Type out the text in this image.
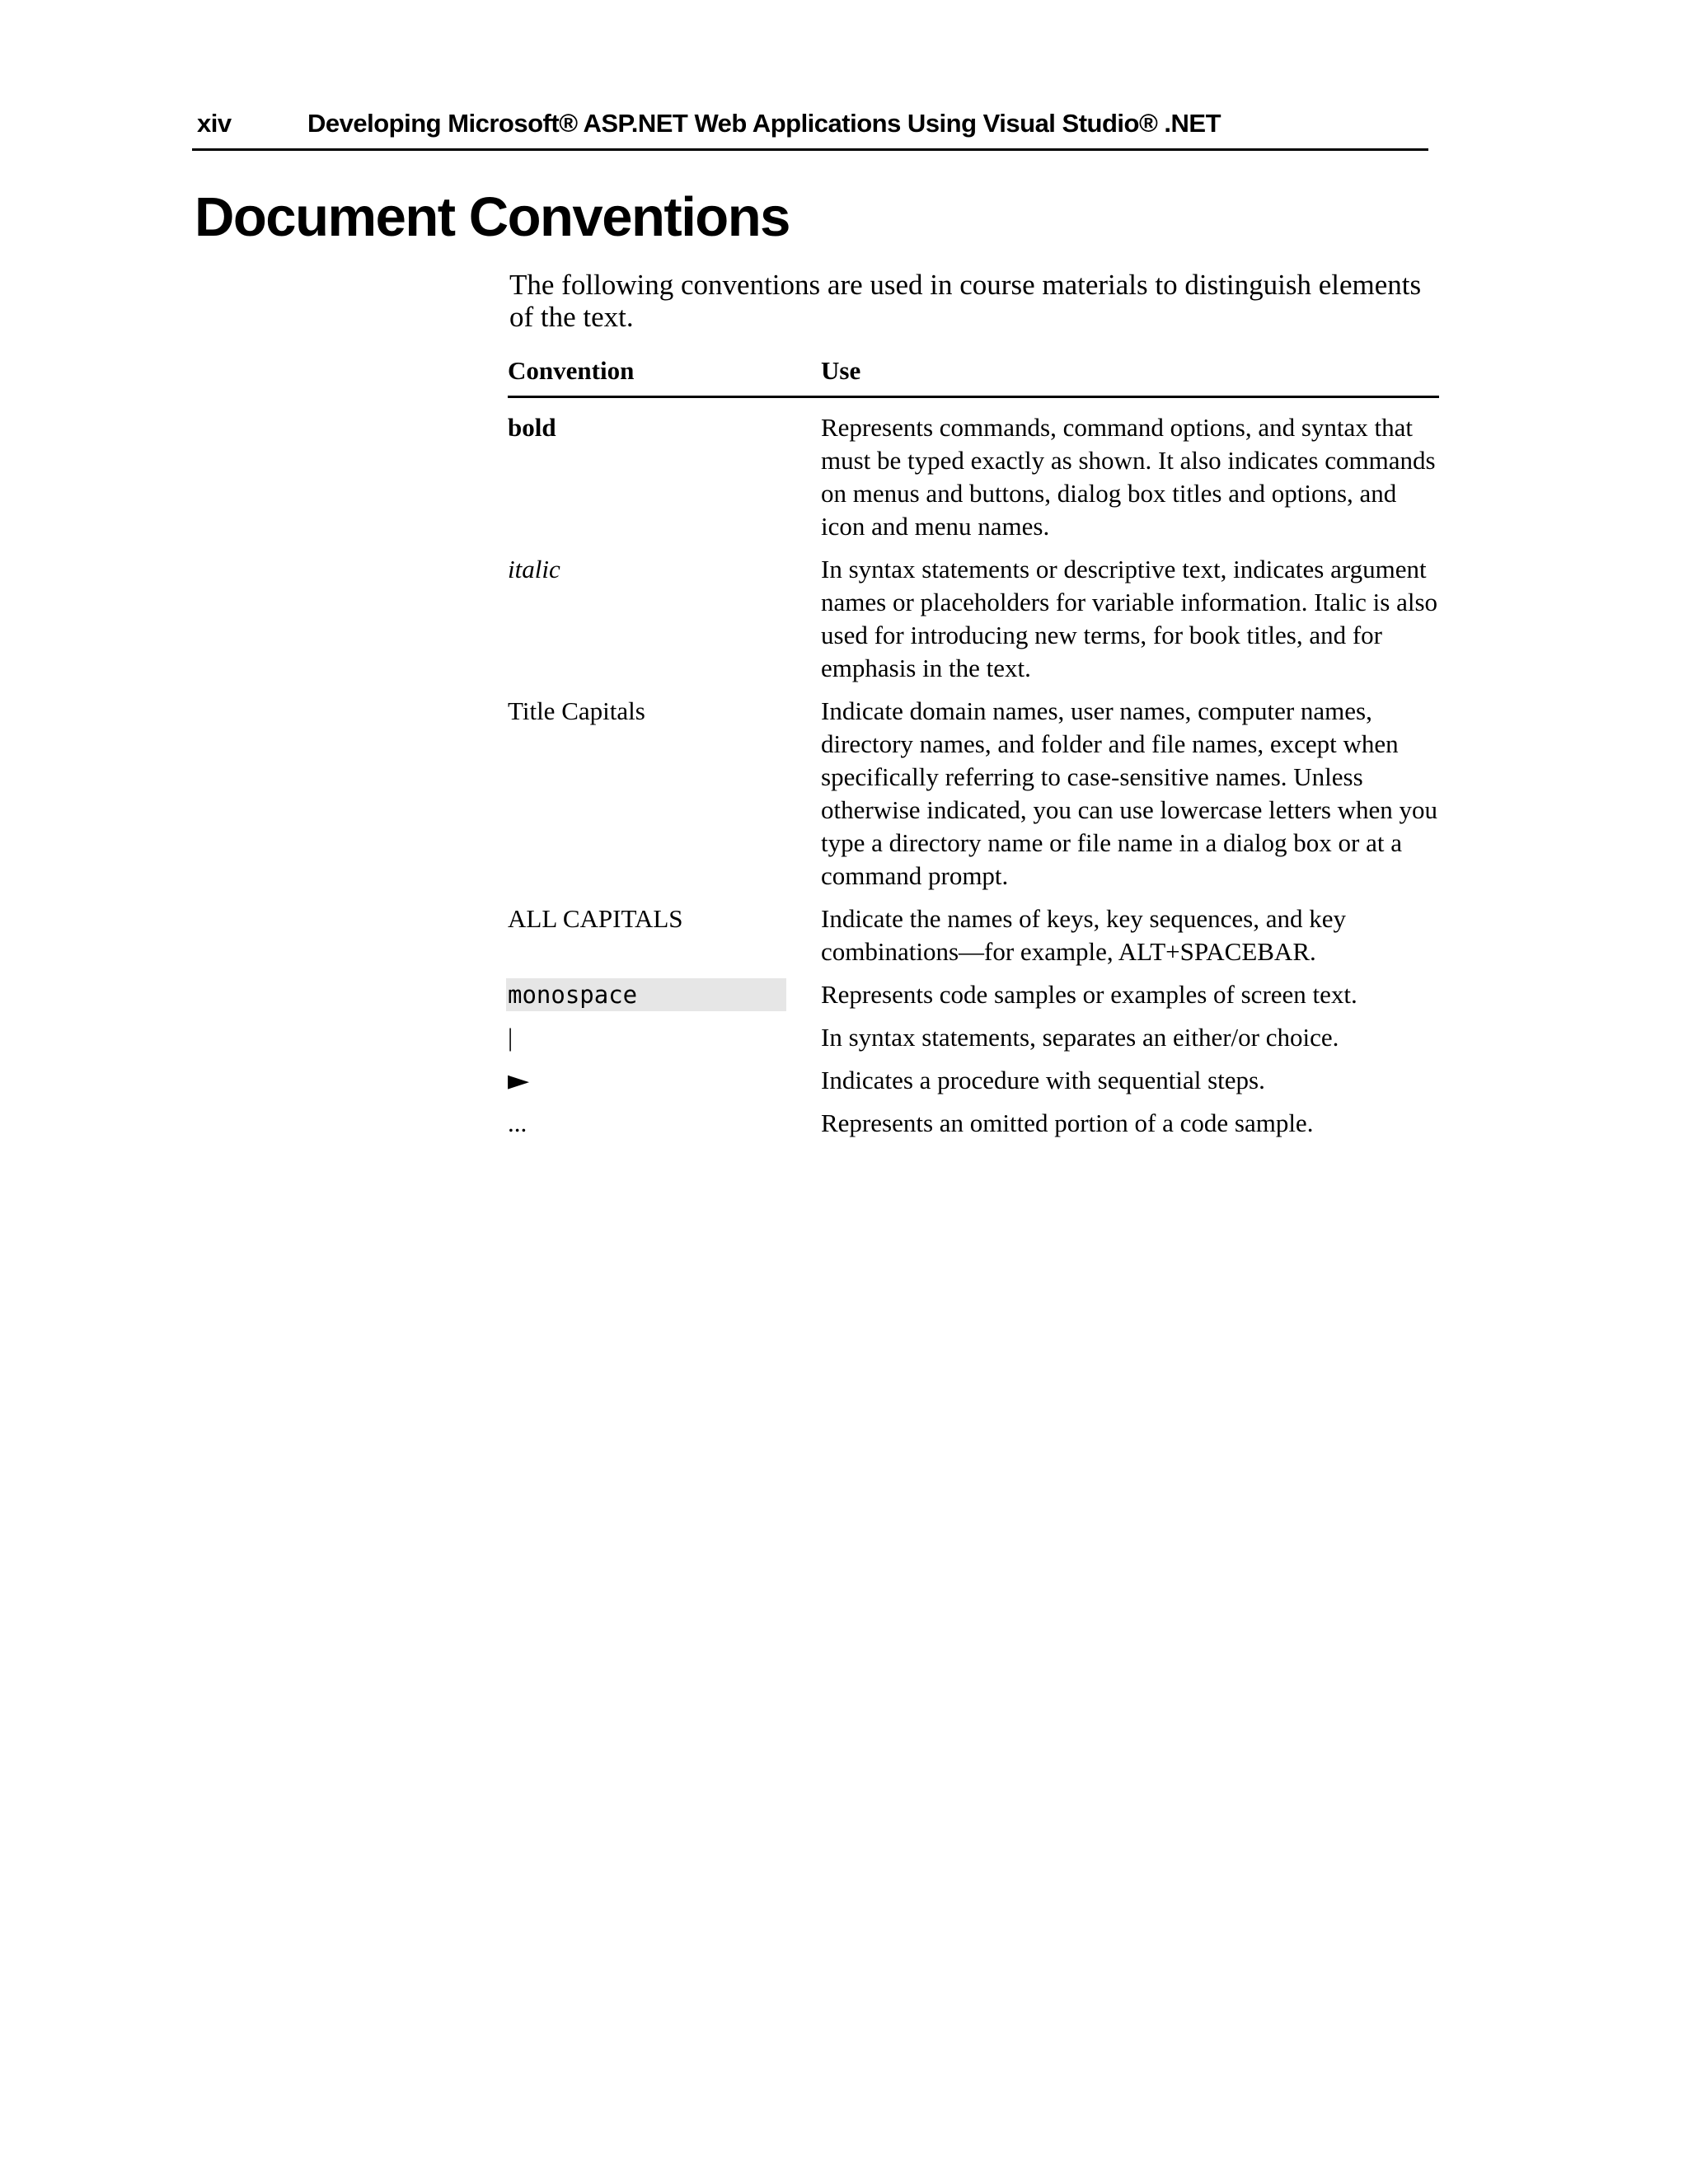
xiv	Developing Microsoft® ASP.NET Web Applications Using Visual Studio® .NET
Document Conventions

The following conventions are used in course materials to distinguish elements of the text.

Convention	Use
bold	Represents commands, command options, and syntax that must be typed exactly as shown. It also indicates commands on menus and buttons, dialog box titles and options, and icon and menu names.
italic	In syntax statements or descriptive text, indicates argument names or placeholders for variable information. Italic is also used for introducing new terms, for book titles, and for emphasis in the text.
Title Capitals	Indicate domain names, user names, computer names, directory names, and folder and file names, except when specifically referring to case-sensitive names. Unless otherwise indicated, you can use lowercase letters when you type a directory name or file name in a dialog box or at a command prompt.
ALL CAPITALS	Indicate the names of keys, key sequences, and key combinations—for example, ALT+SPACEBAR.
monospace	Represents code samples or examples of screen text.
|	In syntax statements, separates an either/or choice.
►	Indicates a procedure with sequential steps.
...	Represents an omitted portion of a code sample.
